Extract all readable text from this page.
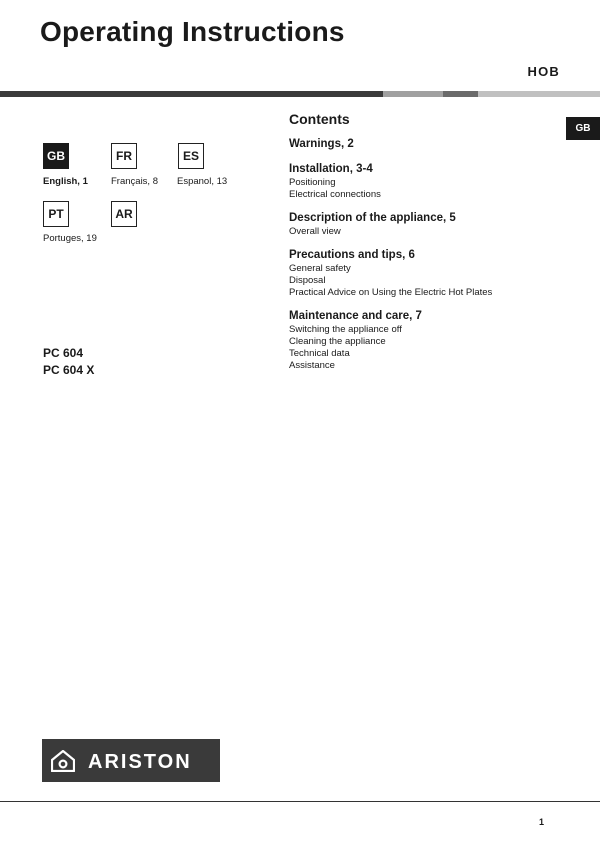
Operating Instructions
HOB
GB
English, 1
FR
Français, 8
ES
Espanol, 13
PT
Portuges, 19
AR
PC 604
PC 604 X
Contents
Warnings, 2
Installation, 3-4
Positioning
Electrical connections
Description of the appliance, 5
Overall view
Precautions and tips, 6
General safety
Disposal
Practical Advice on Using the Electric Hot Plates
Maintenance and care, 7
Switching the appliance off
Cleaning the appliance
Technical data
Assistance
GB
ARISTON
1
